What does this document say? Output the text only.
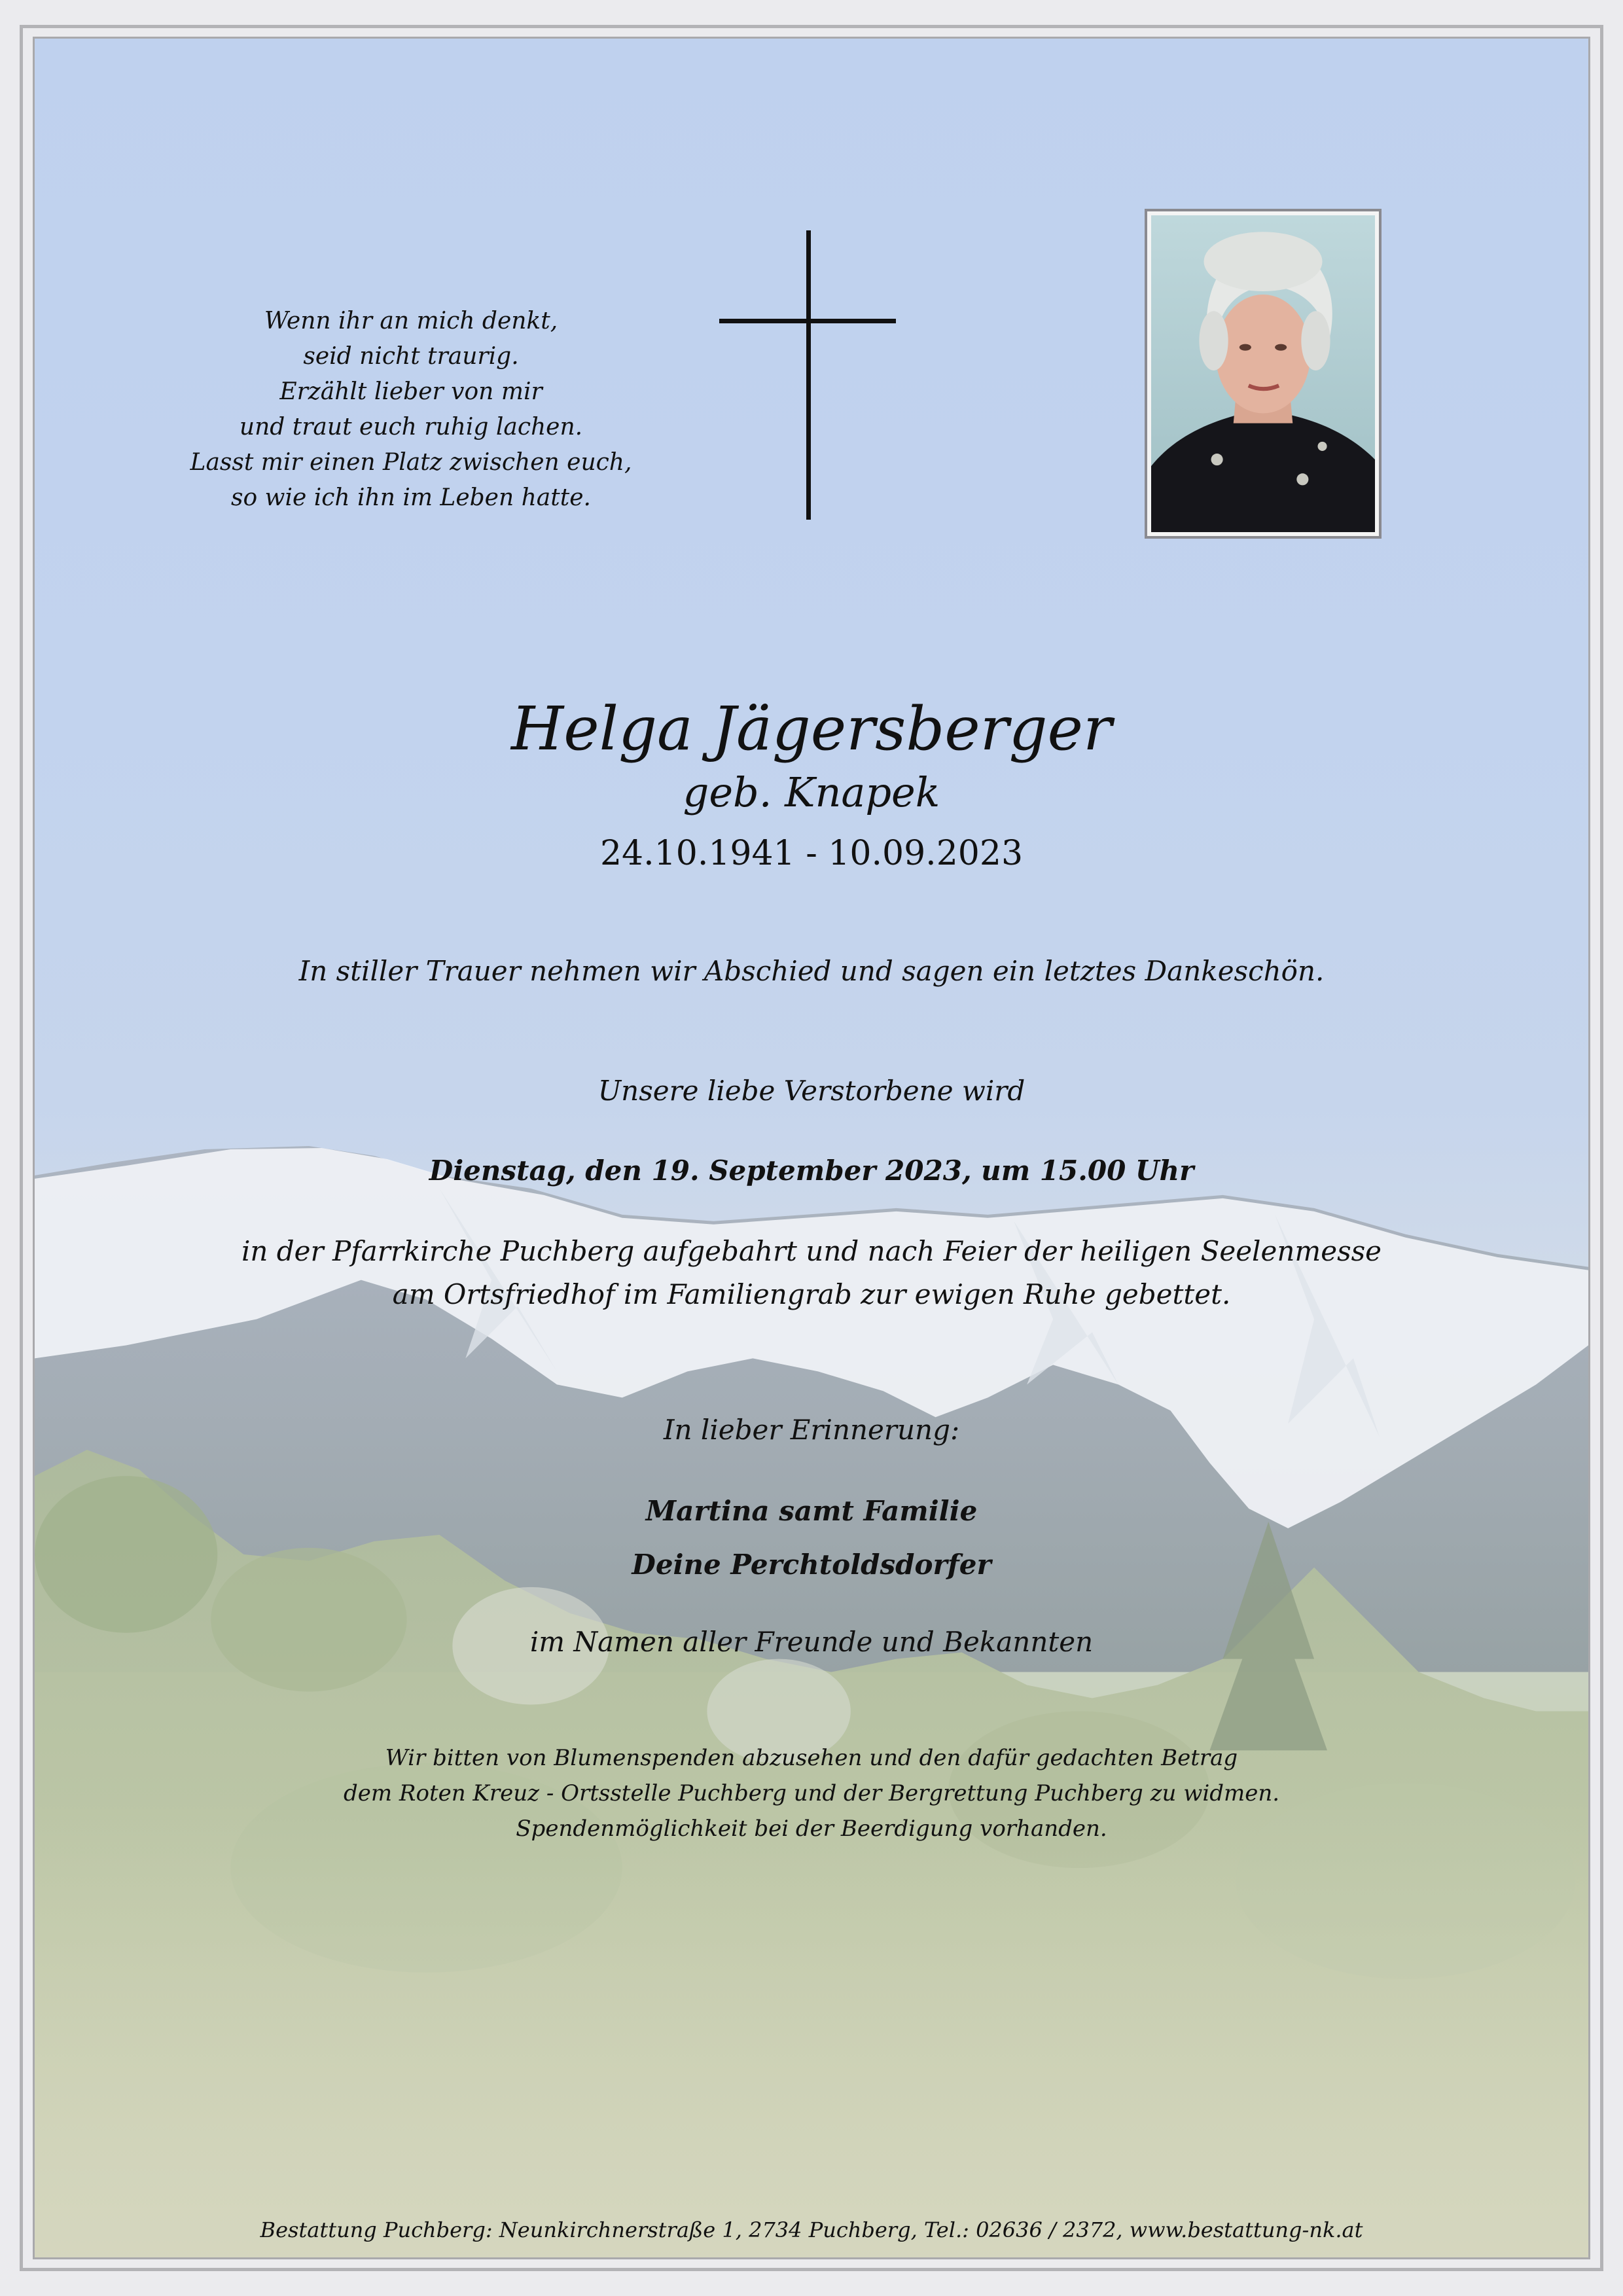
Wenn ihr an mich denkt,
seid nicht traurig.
Erzählt lieber von mir
und traut euch ruhig lachen.
Lasst mir einen Platz zwischen euch,
so wie ich ihn im Leben hatte.
Helga Jägersberger
geb. Knapek
24.10.1941 - 10.09.2023
In stiller Trauer nehmen wir Abschied und sagen ein letztes Dankeschön.
Unsere liebe Verstorbene wird
Dienstag, den 19. September 2023, um 15.00 Uhr
in der Pfarrkirche Puchberg aufgebahrt und nach Feier der heiligen Seelenmesse
am Ortsfriedhof im Familiengrab zur ewigen Ruhe gebettet.
In lieber Erinnerung:
Martina samt Familie
Deine Perchtoldsdorfer
im Namen aller Freunde und Bekannten
Wir bitten von Blumenspenden abzusehen und den dafür gedachten Betrag
dem Roten Kreuz - Ortsstelle Puchberg und der Bergrettung Puchberg zu widmen.
Spendenmöglichkeit bei der Beerdigung vorhanden.
Bestattung Puchberg: Neunkirchnerstraße 1, 2734 Puchberg, Tel.: 02636 / 2372, www.bestattung-nk.at
